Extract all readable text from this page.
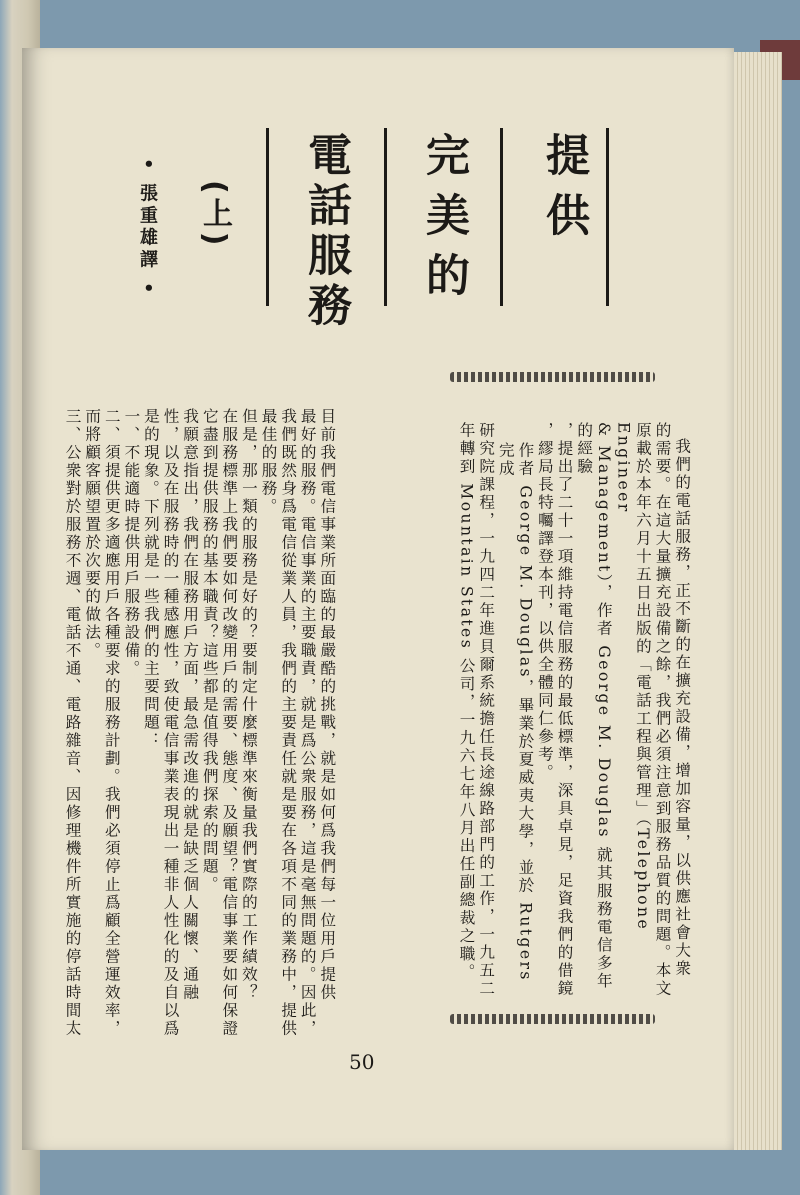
提供
完美的
電話服務
(上)
• 張重雄譯 •
我們的電話服務，正不斷的在擴充設備，增加容量，以供應社會大衆
的需要。在這大量擴充設備之餘，我們必須注意到服務品質的問題。本文
原載於本年六月十五日出版的「電話工程與管理」（Telephone Engineer
& Management），作者 George M. Douglas 就其服務電信多年的經驗
，提出了二十一項維持電信服務的最低標準，深具卓見，足資我們的借鏡
，繆局長特囑譯登本刊，以供全體同仁參考。
作者 George M. Douglas，畢業於夏威夷大學，並於 Rutgers 完成
研究院課程，一九四二年進貝爾系統擔任長途線路部門的工作，一九五二
年轉到 Mountain States 公司，一九六七年八月出任副總裁之職。
目前我們電信事業所面臨的最嚴酷的挑戰，就是如何爲我們每一位用戶提供
最好的服務。電信事業的主要職責，就是爲公衆服務，這是毫無問題的。因此，
我們既然身爲電信從業人員，我們的主要責任就是要在各項不同的業務中，提供
最佳的服務。
但是，那一類的服務是好的？要制定什麼標準來衡量我們實際的工作績效？
在服務標準上我們要如何改變用戶的需要、態度、及願望？電信事業要如何保證
它盡到提供服務的基本職責？這些都是值得我們探索的問題。
我願意指出，我們在服務用戶方面，最急需改進的就是缺乏個人關懷、通融
性，以及在服務時的一種感應性，致使電信事業表現出一種非人性化的及自以爲
是的現象。下列就是一些我們的主要問題：
一、不能適時提供用戶服務設備。
二、須提供更多適應用戶各種要求的服務計劃。我們必須停止爲顧全營運效率，
而將顧客願望置於次要的做法。
三、公衆對於服務不週、電話不通、電路雜音、因修理機件所實施的停話時間太
50
